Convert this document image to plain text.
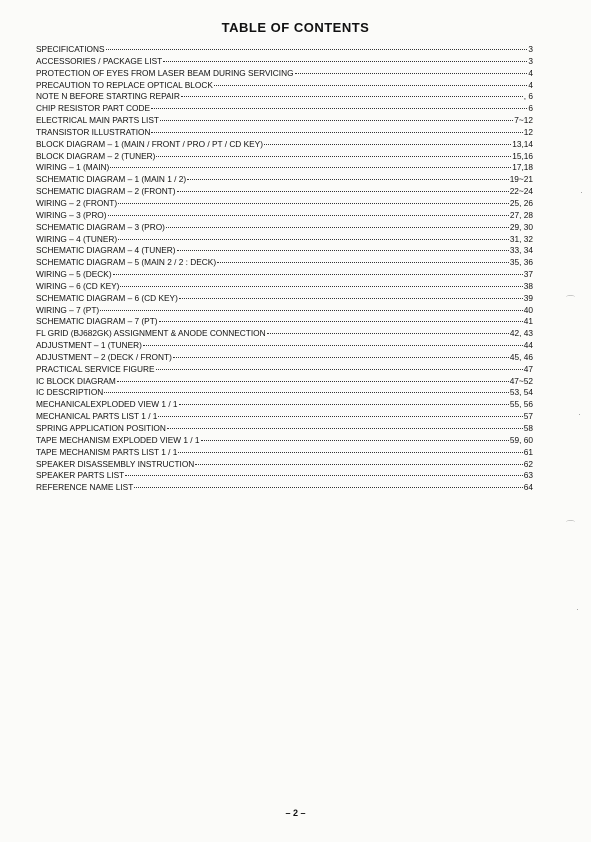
TABLE OF CONTENTS
SPECIFICATIONS	3
ACCESSORIES / PACKAGE LIST	3
PROTECTION OF EYES FROM LASER BEAM DURING SERVICING	4
PRECAUTION TO REPLACE OPTICAL BLOCK	4
NOTE N BEFORE STARTING REPAIR	, 6
CHIP RESISTOR PART CODE	6
ELECTRICAL MAIN PARTS LIST	7~12
TRANSISTOR ILLUSTRATION	12
BLOCK DIAGRAM – 1 (MAIN / FRONT / PRO / PT / CD KEY)	13,14
BLOCK DIAGRAM – 2 (TUNER)	15,16
WIRING – 1 (MAIN)	17,18
SCHEMATIC DIAGRAM – 1 (MAIN 1 / 2)	19~21
SCHEMATIC DIAGRAM – 2 (FRONT)	22~24
WIRING – 2 (FRONT)	25, 26
WIRING – 3 (PRO)	27, 28
SCHEMATIC DIAGRAM – 3 (PRO)	29, 30
WIRING – 4 (TUNER)	31, 32
SCHEMATIC DIAGRAM – 4 (TUNER)	33, 34
SCHEMATIC DIAGRAM – 5 (MAIN 2 / 2 : DECK)	35, 36
WIRING – 5 (DECK)	37
WIRING – 6 (CD KEY)	38
SCHEMATIC DIAGRAM – 6 (CD KEY)	39
WIRING – 7 (PT)	40
SCHEMATIC DIAGRAM – 7 (PT)	41
FL GRID (BJ682GK) ASSIGNMENT & ANODE CONNECTION	42, 43
ADJUSTMENT – 1 (TUNER)	44
ADJUSTMENT – 2 (DECK / FRONT)	45, 46
PRACTICAL SERVICE FIGURE	47
IC BLOCK DIAGRAM	47~52
IC DESCRIPTION	53, 54
MECHANICALEXPLODED VIEW 1 / 1	55, 56
MECHANICAL PARTS LIST 1 / 1	57
SPRING APPLICATION POSITION	58
TAPE MECHANISM EXPLODED VIEW 1 / 1	59, 60
TAPE MECHANISM PARTS LIST 1 / 1	61
SPEAKER DISASSEMBLY INSTRUCTION	62
SPEAKER PARTS LIST	63
REFERENCE NAME LIST	64
– 2 –
·
⌒
·
⌒
·
